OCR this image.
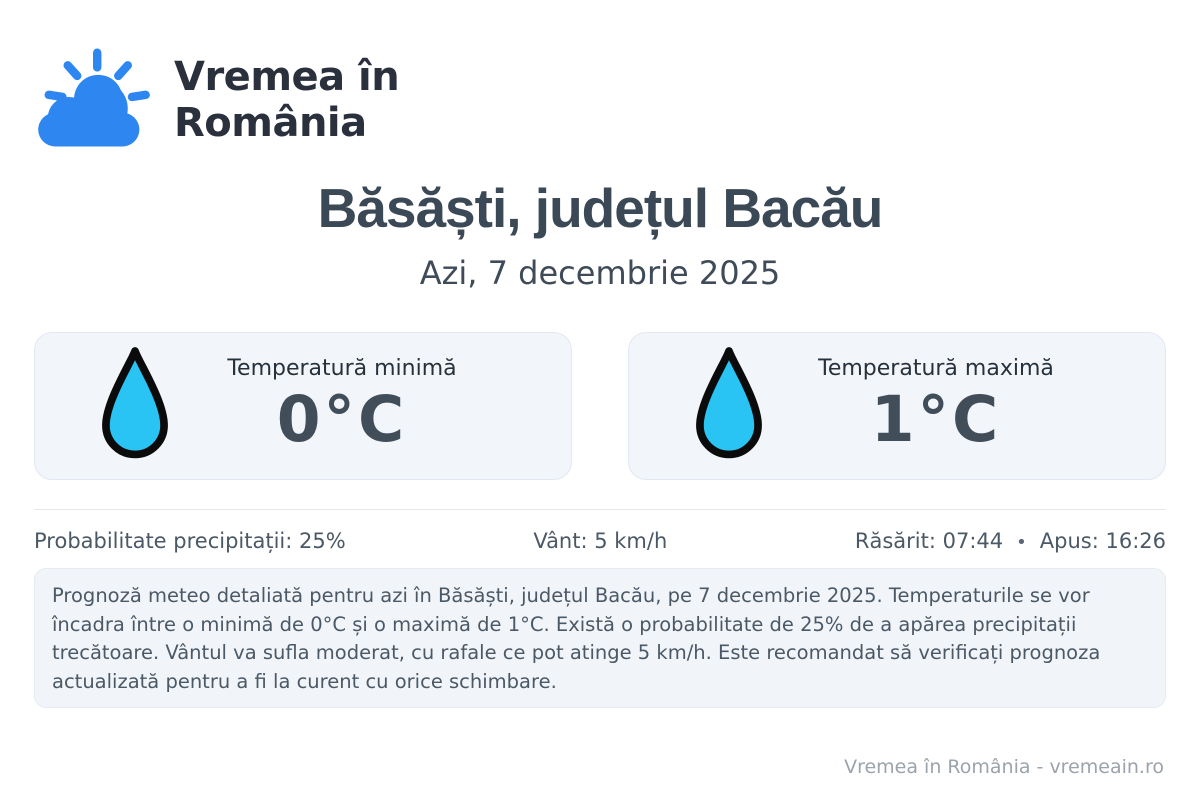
Vremea în
România
Băsăști, județul Bacău
Azi, 7 decembrie 2025
Temperatură minimă
0°C
Temperatură maximă
1°C
Probabilitate precipitații: 25%	Vânt: 5 km/h	Răsărit: 07:44 • Apus: 16:26
Prognoză meteo detaliată pentru azi în Băsăști, județul Bacău, pe 7 decembrie 2025. Temperaturile se vor încadra între o minimă de 0°C și o maximă de 1°C. Există o probabilitate de 25% de a apărea precipitații trecătoare. Vântul va sufla moderat, cu rafale ce pot atinge 5 km/h. Este recomandat să verificați prognoza actualizată pentru a fi la curent cu orice schimbare.
Vremea în România - vremeain.ro
